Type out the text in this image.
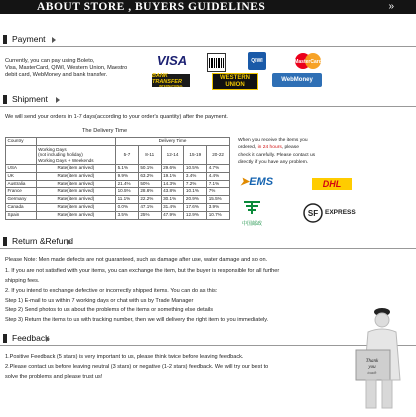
ABOUT STORE , BUYERS GUIDELINES	»
Payment
Currently, you can pay using Boleto,
Visa, MasterCard, QIWI, Western Union, Maestro
debit card, WebMoney and bank transfer.
VISA	QIWI	MasterCard
BANK TRANSFER
INTERNATIONAL
WESTERN
UNION
WebMoney
Shipment
We will send your orders in 1-7 days(according to your order's quantity) after the payment.
The Delivery Time
Country		Delivery Time				

	Working Days
(not including holiday)
Working Days + Weekends	5-7	8-11	12-14	15-19	20-22
USA	Rate(item arrived)	5.1%	50.1%	29.6%	10.5%	4.7%
UK	Rate(item arrived)	9.9%	63.2%	19.1%	3.4%	4.4%
Australia	Rate(item arrived)	21.4%	50%	14.3%	7.2%	7.1%
France	Rate(item arrived)	10.5%	28.6%	43.8%	10.1%	7%
Germany	Rate(item arrived)	11.1%	22.2%	30.1%	20.9%	15.5%
Canada	Rate(item arrived)	0.0%	47.1%	31.4%	17.6%	3.9%
Spain	Rate(item arrived)	3.5%	25%	47.9%	12.9%	10.7%
When you receive the items you
ordered, in 24 hours, please
check it carefully. Please contact us
directly if you have any problem.
➤EMS	DHL
中国邮政
SF EXPRESS
Return &Refund
Please Note: Men made defects are not guaranteed, such as damage after use, water damage and so on.
1. If you are not satisfied with your items, you can exchange the item, but the buyer is responsible for all further
shipping fees.
2. If you intend to exchange defective or incorrectly shipped items. You can do as this:
Step 1) E-mail to us within 7 working days or chat with us by Trade Manager
Step 2) Send photos to us about the problems of the items or something else details
Step 3) Return the items to us with tracking number, then we will delivery the right item to you immediately.
Feedback
1.Positive Feedback (5 stars) is very important to us, please think twice before leaving feedback.
2.Please contact us before leaving neutral (3 stars) or negative (1-2 stars) feedback. We will try our best to
solve the problems and please trust us!
Thank
you
touch
